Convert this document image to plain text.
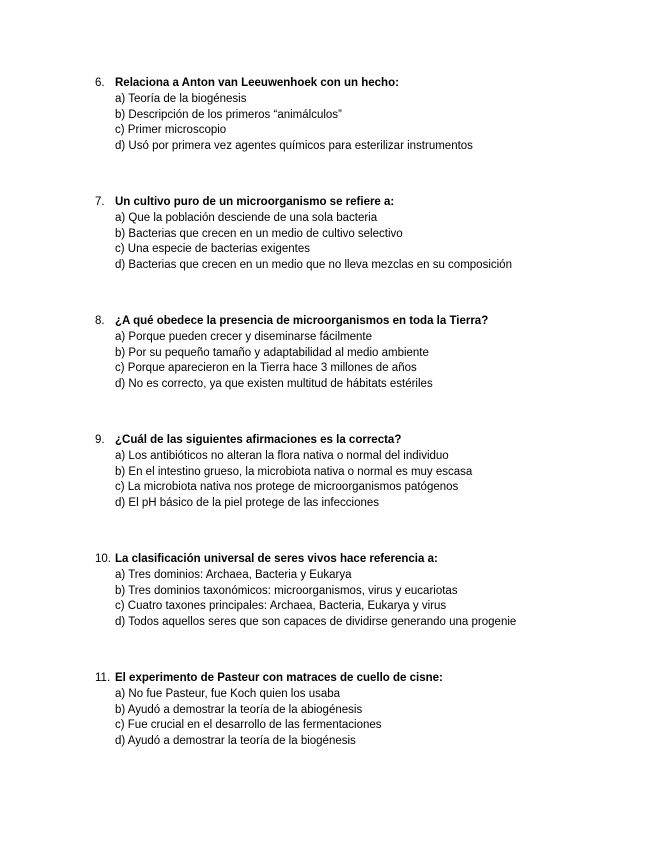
6. Relaciona a Anton van Leeuwenhoek con un hecho:
a) Teoría de la biogénesis
b) Descripción de los primeros “animálculos”
c) Primer microscopio
d) Usó por primera vez agentes químicos para esterilizar instrumentos
7. Un cultivo puro de un microorganismo se refiere a:
a) Que la población desciende de una sola bacteria
b) Bacterias que crecen en un medio de cultivo selectivo
c) Una especie de bacterias exigentes
d) Bacterias que crecen en un medio que no lleva mezclas en su composición
8. ¿A qué obedece la presencia de microorganismos en toda la Tierra?
a) Porque pueden crecer y diseminarse fácilmente
b) Por su pequeño tamaño y adaptabilidad al medio ambiente
c) Porque aparecieron en la Tierra hace 3 millones de años
d) No es correcto, ya que existen multitud de hábitats estériles
9. ¿Cuál de las siguientes afirmaciones es la correcta?
a) Los antibióticos no alteran la flora nativa o normal del individuo
b) En el intestino grueso, la microbiota nativa o normal es muy escasa
c) La microbiota nativa nos protege de microorganismos patógenos
d) El pH básico de la piel protege de las infecciones
10. La clasificación universal de seres vivos hace referencia a:
a) Tres dominios: Archaea, Bacteria y Eukarya
b) Tres dominios taxonómicos: microorganismos, virus y eucariotas
c) Cuatro taxones principales: Archaea, Bacteria, Eukarya y virus
d) Todos aquellos seres que son capaces de dividirse generando una progenie
11. El experimento de Pasteur con matraces de cuello de cisne:
a) No fue Pasteur, fue Koch quien los usaba
b) Ayudó a demostrar la teoría de la abiogénesis
c) Fue crucial en el desarrollo de las fermentaciones
d) Ayudó a demostrar la teoría de la biogénesis
